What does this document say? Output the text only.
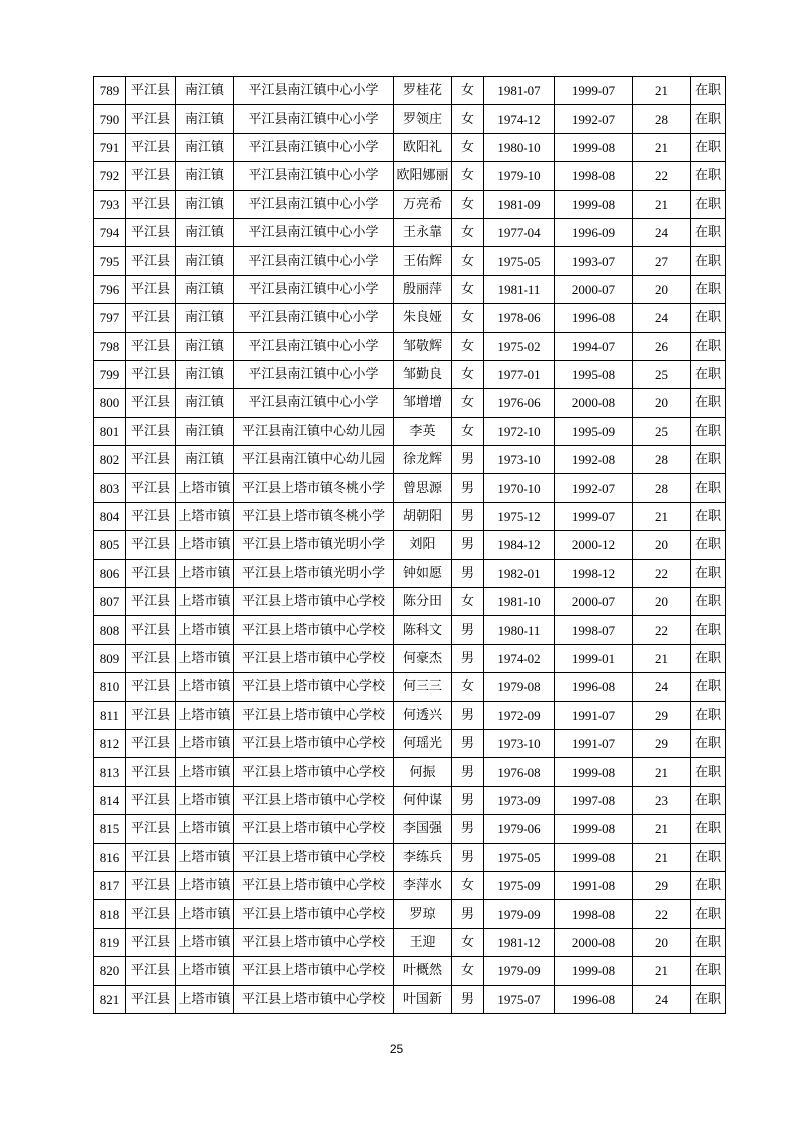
789	平江县	南江镇	平江县南江镇中心小学	罗桂花	女	1981-07	1999-07	21	在职
790	平江县	南江镇	平江县南江镇中心小学	罗领庄	女	1974-12	1992-07	28	在职
791	平江县	南江镇	平江县南江镇中心小学	欧阳礼	女	1980-10	1999-08	21	在职
792	平江县	南江镇	平江县南江镇中心小学	欧阳娜丽	女	1979-10	1998-08	22	在职
793	平江县	南江镇	平江县南江镇中心小学	万亮希	女	1981-09	1999-08	21	在职
794	平江县	南江镇	平江县南江镇中心小学	王永靠	女	1977-04	1996-09	24	在职
795	平江县	南江镇	平江县南江镇中心小学	王佑辉	女	1975-05	1993-07	27	在职
796	平江县	南江镇	平江县南江镇中心小学	殷丽萍	女	1981-11	2000-07	20	在职
797	平江县	南江镇	平江县南江镇中心小学	朱良娅	女	1978-06	1996-08	24	在职
798	平江县	南江镇	平江县南江镇中心小学	邹敬辉	女	1975-02	1994-07	26	在职
799	平江县	南江镇	平江县南江镇中心小学	邹勤良	女	1977-01	1995-08	25	在职
800	平江县	南江镇	平江县南江镇中心小学	邹增增	女	1976-06	2000-08	20	在职
801	平江县	南江镇	平江县南江镇中心幼儿园	李英	女	1972-10	1995-09	25	在职
802	平江县	南江镇	平江县南江镇中心幼儿园	徐龙辉	男	1973-10	1992-08	28	在职
803	平江县	上塔市镇	平江县上塔市镇冬桃小学	曾思源	男	1970-10	1992-07	28	在职
804	平江县	上塔市镇	平江县上塔市镇冬桃小学	胡朝阳	男	1975-12	1999-07	21	在职
805	平江县	上塔市镇	平江县上塔市镇光明小学	刘阳	男	1984-12	2000-12	20	在职
806	平江县	上塔市镇	平江县上塔市镇光明小学	钟如愿	男	1982-01	1998-12	22	在职
807	平江县	上塔市镇	平江县上塔市镇中心学校	陈分田	女	1981-10	2000-07	20	在职
808	平江县	上塔市镇	平江县上塔市镇中心学校	陈科文	男	1980-11	1998-07	22	在职
809	平江县	上塔市镇	平江县上塔市镇中心学校	何豪杰	男	1974-02	1999-01	21	在职
810	平江县	上塔市镇	平江县上塔市镇中心学校	何三三	女	1979-08	1996-08	24	在职
811	平江县	上塔市镇	平江县上塔市镇中心学校	何透兴	男	1972-09	1991-07	29	在职
812	平江县	上塔市镇	平江县上塔市镇中心学校	何瑶光	男	1973-10	1991-07	29	在职
813	平江县	上塔市镇	平江县上塔市镇中心学校	何振	男	1976-08	1999-08	21	在职
814	平江县	上塔市镇	平江县上塔市镇中心学校	何仲谋	男	1973-09	1997-08	23	在职
815	平江县	上塔市镇	平江县上塔市镇中心学校	李国强	男	1979-06	1999-08	21	在职
816	平江县	上塔市镇	平江县上塔市镇中心学校	李练兵	男	1975-05	1999-08	21	在职
817	平江县	上塔市镇	平江县上塔市镇中心学校	李萍水	女	1975-09	1991-08	29	在职
818	平江县	上塔市镇	平江县上塔市镇中心学校	罗琼	男	1979-09	1998-08	22	在职
819	平江县	上塔市镇	平江县上塔市镇中心学校	王迎	女	1981-12	2000-08	20	在职
820	平江县	上塔市镇	平江县上塔市镇中心学校	叶概然	女	1979-09	1999-08	21	在职
821	平江县	上塔市镇	平江县上塔市镇中心学校	叶国新	男	1975-07	1996-08	24	在职
25
